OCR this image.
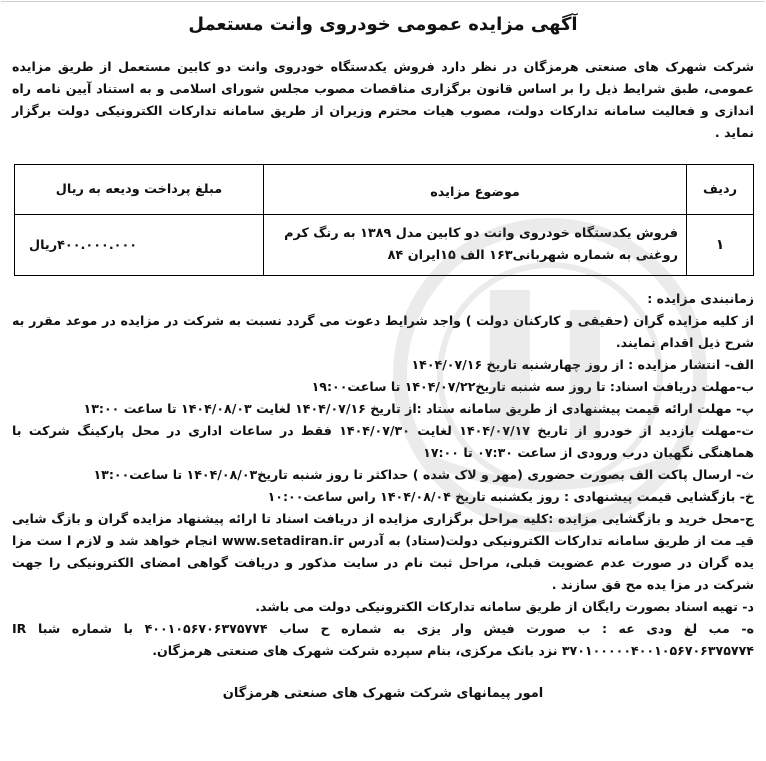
آگهی مزایده عمومی خودروی وانت مستعمل
شرکت شهرک های صنعتی هرمزگان در نظر دارد فروش یکدستگاه خودروی وانت دو کابین مستعمل از طریق مزایده عمومی، طبق شرایط ذیل را بر اساس قانون برگزاری مناقصات مصوب مجلس شورای اسلامی و به استناد آیین نامه راه اندازی و فعالیت سامانه تدارکات دولت، مصوب هیات محترم وزیران از طریق سامانه تدارکات الکترونیکی دولت برگزار نماید .
ردیف	موضوع مزایده	مبلغ پرداخت ودیعه به ریال
۱	فروش یکدستگاه خودروی وانت دو کابین مدل ۱۳۸۹ به رنگ کرم روغنی به شماره شهربانی۱۶۳ الف ۱۵ایران ۸۴	۴۰۰.۰۰۰.۰۰۰ریال

زمانبندی مزایده :

از کلیه مزایده گران (حقیقی و کارکنان دولت ) واجد شرایط دعوت می گردد نسبت به شرکت در مزایده در موعد مقرر به شرح ذیل اقدام نمایند.

الف- انتشار مزایده : از روز چهارشنبه تاریخ ۱۴۰۴/۰۷/۱۶

ب-مهلت دریافت اسناد: تا روز سه شنبه تاریخ۱۴۰۴/۰۷/۲۲ تا ساعت۱۹:۰۰

پ- مهلت ارائه قیمت پیشنهادی از طریق سامانه ستاد :از تاریخ ۱۴۰۴/۰۷/۱۶ لغایت ۱۴۰۴/۰۸/۰۳ تا ساعت ۱۳:۰۰

ت-مهلت بازدید از خودرو از تاریخ ۱۴۰۴/۰۷/۱۷ لغایت ۱۴۰۴/۰۷/۳۰ فقط در ساعات اداری در محل پارکینگ شرکت با هماهنگی نگهبان درب ورودی از ساعت ۰۷:۳۰ تا ۱۷:۰۰

ث- ارسال پاکت الف بصورت حضوری (مهر و لاک شده ) حداکثر تا روز شنبه تاریخ۱۴۰۴/۰۸/۰۳ تا ساعت۱۳:۰۰

خ- بازگشایی قیمت پیشنهادی : روز یکشنبه تاریخ ۱۴۰۴/۰۸/۰۴ راس ساعت۱۰:۰۰

ج-محل خرید و بازگشایی مزایده :کلیه مراحل برگزاری مزایده از دریافت اسناد تا ارائه پیشنهاد مزایده گران و بازگ شایی قیـ مت از طریق سامانه تدارکات الکترونیکی دولت(ستاد) به آدرس www.setadiran.ir انجام خواهد شد و لازم ا ست مزا یده گران در صورت عدم عضویت قبلی، مراحل ثبت نام در سایت مذکور و دریافت گواهی امضای الکترونیکی را جهت شرکت در مزا یده مح قق سازند .

د- تهیه اسناد بصورت رایگان از طریق سامانه تدارکات الکترونیکی دولت می باشد.

ه- مب لغ ودی عه : ب صورت فیش وار یزی به شماره ح ساب ۴۰۰۱۰۵۶۷۰۶۳۷۵۷۷۴ با شماره شبا IR ۳۷۰۱۰۰۰۰۰۴۰۰۱۰۵۶۷۰۶۳۷۵۷۷۴ نزد بانک مرکزی، بنام سپرده شرکت شهرک های صنعتی هرمزگان.

امور پیمانهای شرکت شهرک های صنعتی هرمزگان
